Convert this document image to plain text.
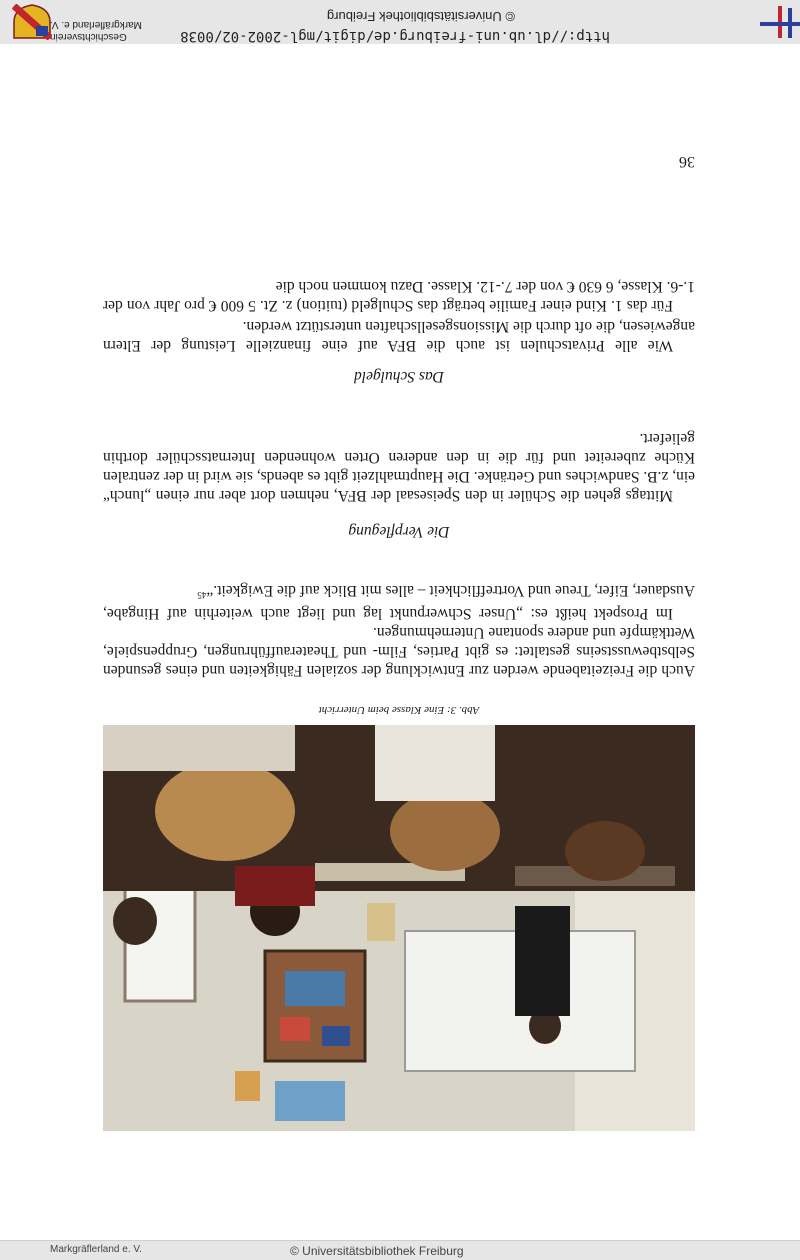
© Universitätsbibliothek Freiburg
Markgräflerland e. V.
Abb. 3: Eine Klasse beim Unterricht
Auch die Freizeitabende werden zur Entwicklung der sozialen Fähigkeiten und eines gesunden Selbstbewusstseins gestaltet: es gibt Parties, Film- und Theateraufführungen, Gruppenspiele, Wettkämpfe und andere spontane Unternehmungen.
Im Prospekt heißt es: „Unser Schwerpunkt lag und liegt auch weiterhin auf Hingabe, Ausdauer, Eifer, Treue und Vortrefflichkeit – alles mit Blick auf die Ewigkeit.“$^{45}$
Die Verpflegung
Mittags gehen die Schüler in den Speisesaal der BFA, nehmen dort aber nur einen „lunch“ ein, z.B. Sandwiches und Getränke. Die Hauptmahlzeit gibt es abends, sie wird in der zentralen Küche zubereitet und für die in den anderen Orten wohnenden Internatsschüler dorthin geliefert.
Das Schulgeld
Wie alle Privatschulen ist auch die BFA auf eine finanzielle Leistung der Eltern angewiesen, die oft durch die Missionsgesellschaften unterstützt werden.
Für das 1. Kind einer Familie beträgt das Schulgeld (tuition) z. Zt. 5 600 € pro Jahr von der 1.-6. Klasse, 6 630 € von der 7.-12. Klasse. Dazu kommen noch die
36
http://dl.ub.uni-freiburg.de/digit/mgl-2002-02/0038
© Universitätsbibliothek Freiburg
Geschichtsverein
Markgräflerland e. V.
